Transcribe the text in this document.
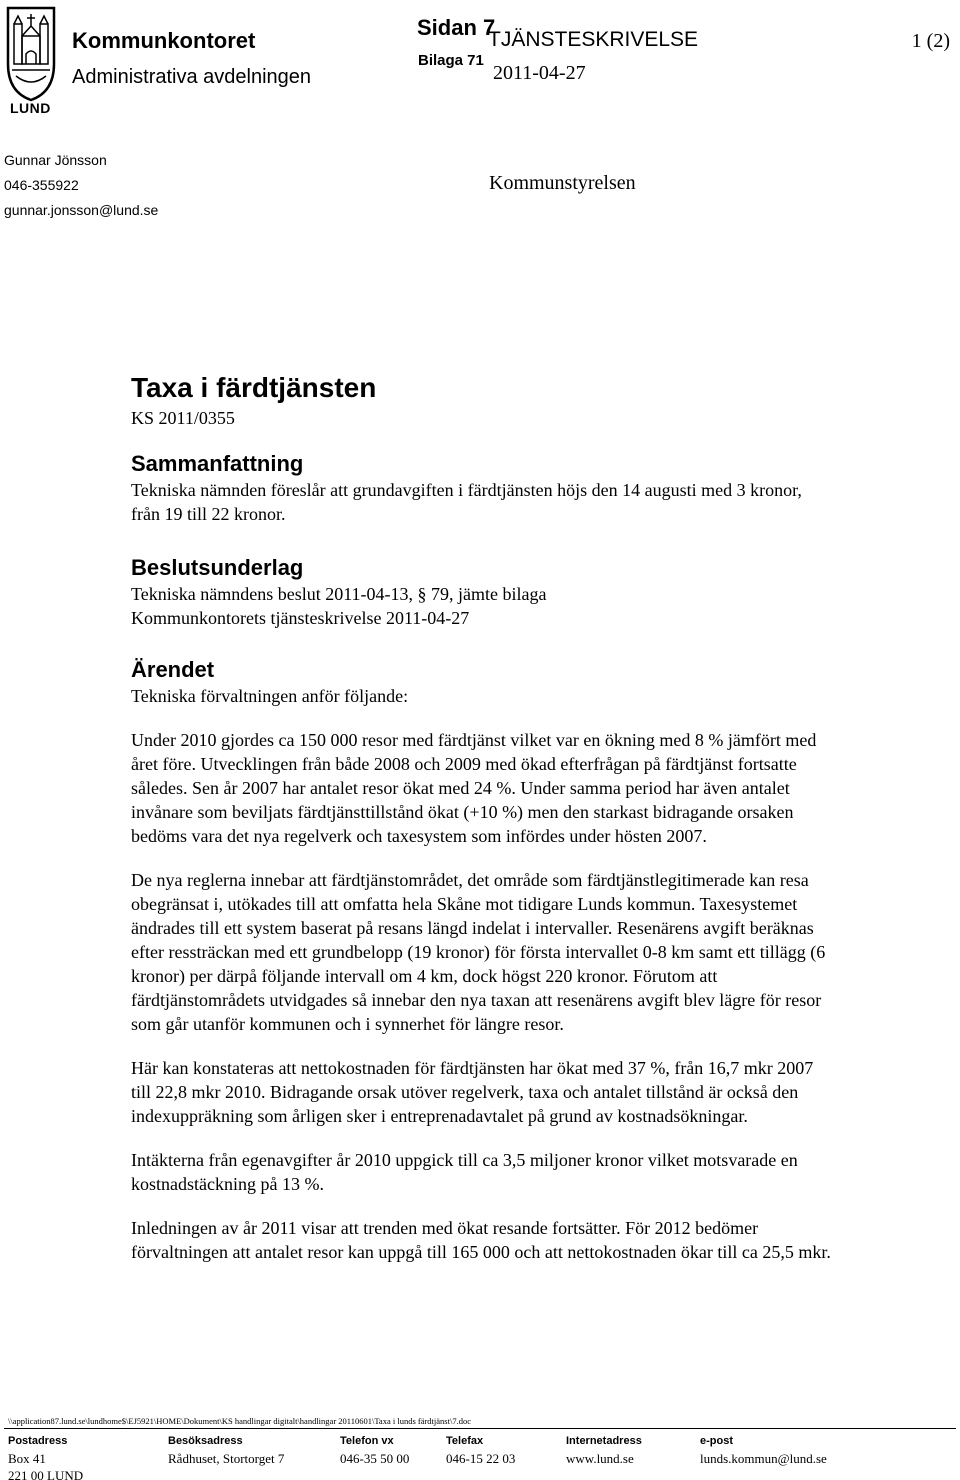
LUND
Kommunkontoret
Administrativa avdelningen
Sidan 7
Bilaga 71
TJÄNSTESKRIVELSE
2011-04-27
1 (2)
Gunnar Jönsson
046-355922
gunnar.jonsson@lund.se
Kommunstyrelsen
Taxa i färdtjänsten
KS 2011/0355
Sammanfattning

Tekniska nämnden föreslår att grundavgiften i färdtjänsten höjs den 14 augusti med 3 kronor, från 19 till 22 kronor.

Beslutsunderlag

Tekniska nämndens beslut 2011-04-13, § 79, jämte bilaga

Kommunkontorets tjänsteskrivelse 2011-04-27

Ärendet

Tekniska förvaltningen anför följande:

Under 2010 gjordes ca 150 000 resor med färdtjänst vilket var en ökning med 8 % jämfört med året före. Utvecklingen från både 2008 och 2009 med ökad efterfrågan på färdtjänst fortsatte således. Sen år 2007 har antalet resor ökat med 24 %. Under samma period har även antalet invånare som beviljats färdtjänsttillstånd ökat (+10 %) men den starkast bidragande orsaken bedöms vara det nya regelverk och taxesystem som infördes under hösten 2007.

De nya reglerna innebar att färdtjänstområdet, det område som färdtjänstlegitimerade kan resa obegränsat i, utökades till att omfatta hela Skåne mot tidigare Lunds kommun. Taxesystemet ändrades till ett system baserat på resans längd indelat i intervaller. Resenärens avgift beräknas efter ressträckan med ett grundbelopp (19 kronor) för första intervallet 0-8 km samt ett tillägg (6 kronor) per därpå följande intervall om 4 km, dock högst 220 kronor. Förutom att färdtjänstområdets utvidgades så innebar den nya taxan att resenärens avgift blev lägre för resor som går utanför kommunen och i synnerhet för längre resor.

Här kan konstateras att nettokostnaden för färdtjänsten har ökat med 37 %, från 16,7 mkr 2007 till 22,8 mkr 2010. Bidragande orsak utöver regelverk, taxa och antalet tillstånd är också den indexuppräkning som årligen sker i entreprenadavtalet på grund av kostnadsökningar.

Intäkterna från egenavgifter år 2010 uppgick till ca 3,5 miljoner kronor vilket motsvarade en kostnadstäckning på 13 %.

Inledningen av år 2011 visar att trenden med ökat resande fortsätter. För 2012 bedömer förvaltningen att antalet resor kan uppgå till 165 000 och att nettokostnaden ökar till ca 25,5 mkr.

\\application87.lund.se\lundhome$\EJ5921\HOME\Dokument\KS handlingar digitalt\handlingar 20110601\Taxa i lunds färdtjänst\7.doc
Postadress
Box 41
221 00 LUND
Besöksadress
Rådhuset, Stortorget 7
Telefon vx
046-35 50 00
Telefax
046-15 22 03
Internetadress
www.lund.se
e-post
lunds.kommun@lund.se
